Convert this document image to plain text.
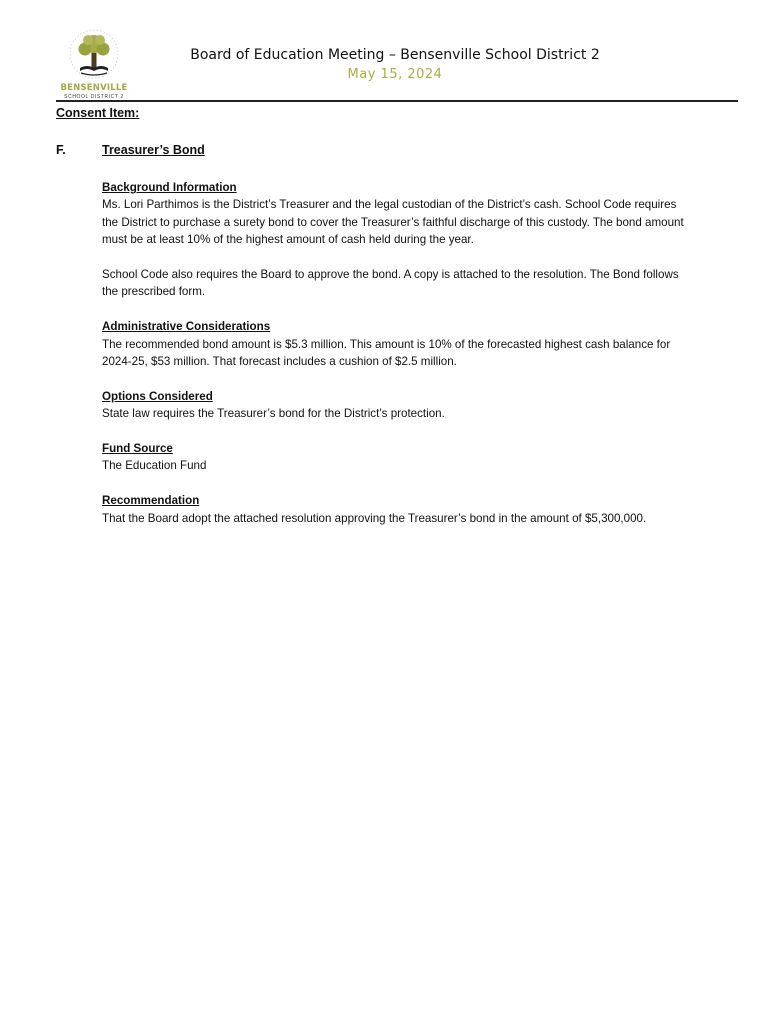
BENSENVILLE
SCHOOL DISTRICT 2
Board of Education Meeting – Bensenville School District 2
May 15, 2024
Consent Item:
F.	Treasurer’s Bond
Background Information

Ms. Lori Parthimos is the District’s Treasurer and the legal custodian of the District’s cash. School Code requires the District to purchase a surety bond to cover the Treasurer’s faithful discharge of this custody. The bond amount must be at least 10% of the highest amount of cash held during the year.

School Code also requires the Board to approve the bond. A copy is attached to the resolution. The Bond follows the prescribed form.

Administrative Considerations

The recommended bond amount is $5.3 million. This amount is 10% of the forecasted highest cash balance for 2024-25, $53 million. That forecast includes a cushion of $2.5 million.

Options Considered

State law requires the Treasurer’s bond for the District’s protection.

Fund Source

The Education Fund

Recommendation

That the Board adopt the attached resolution approving the Treasurer’s bond in the amount of $5,300,000.
